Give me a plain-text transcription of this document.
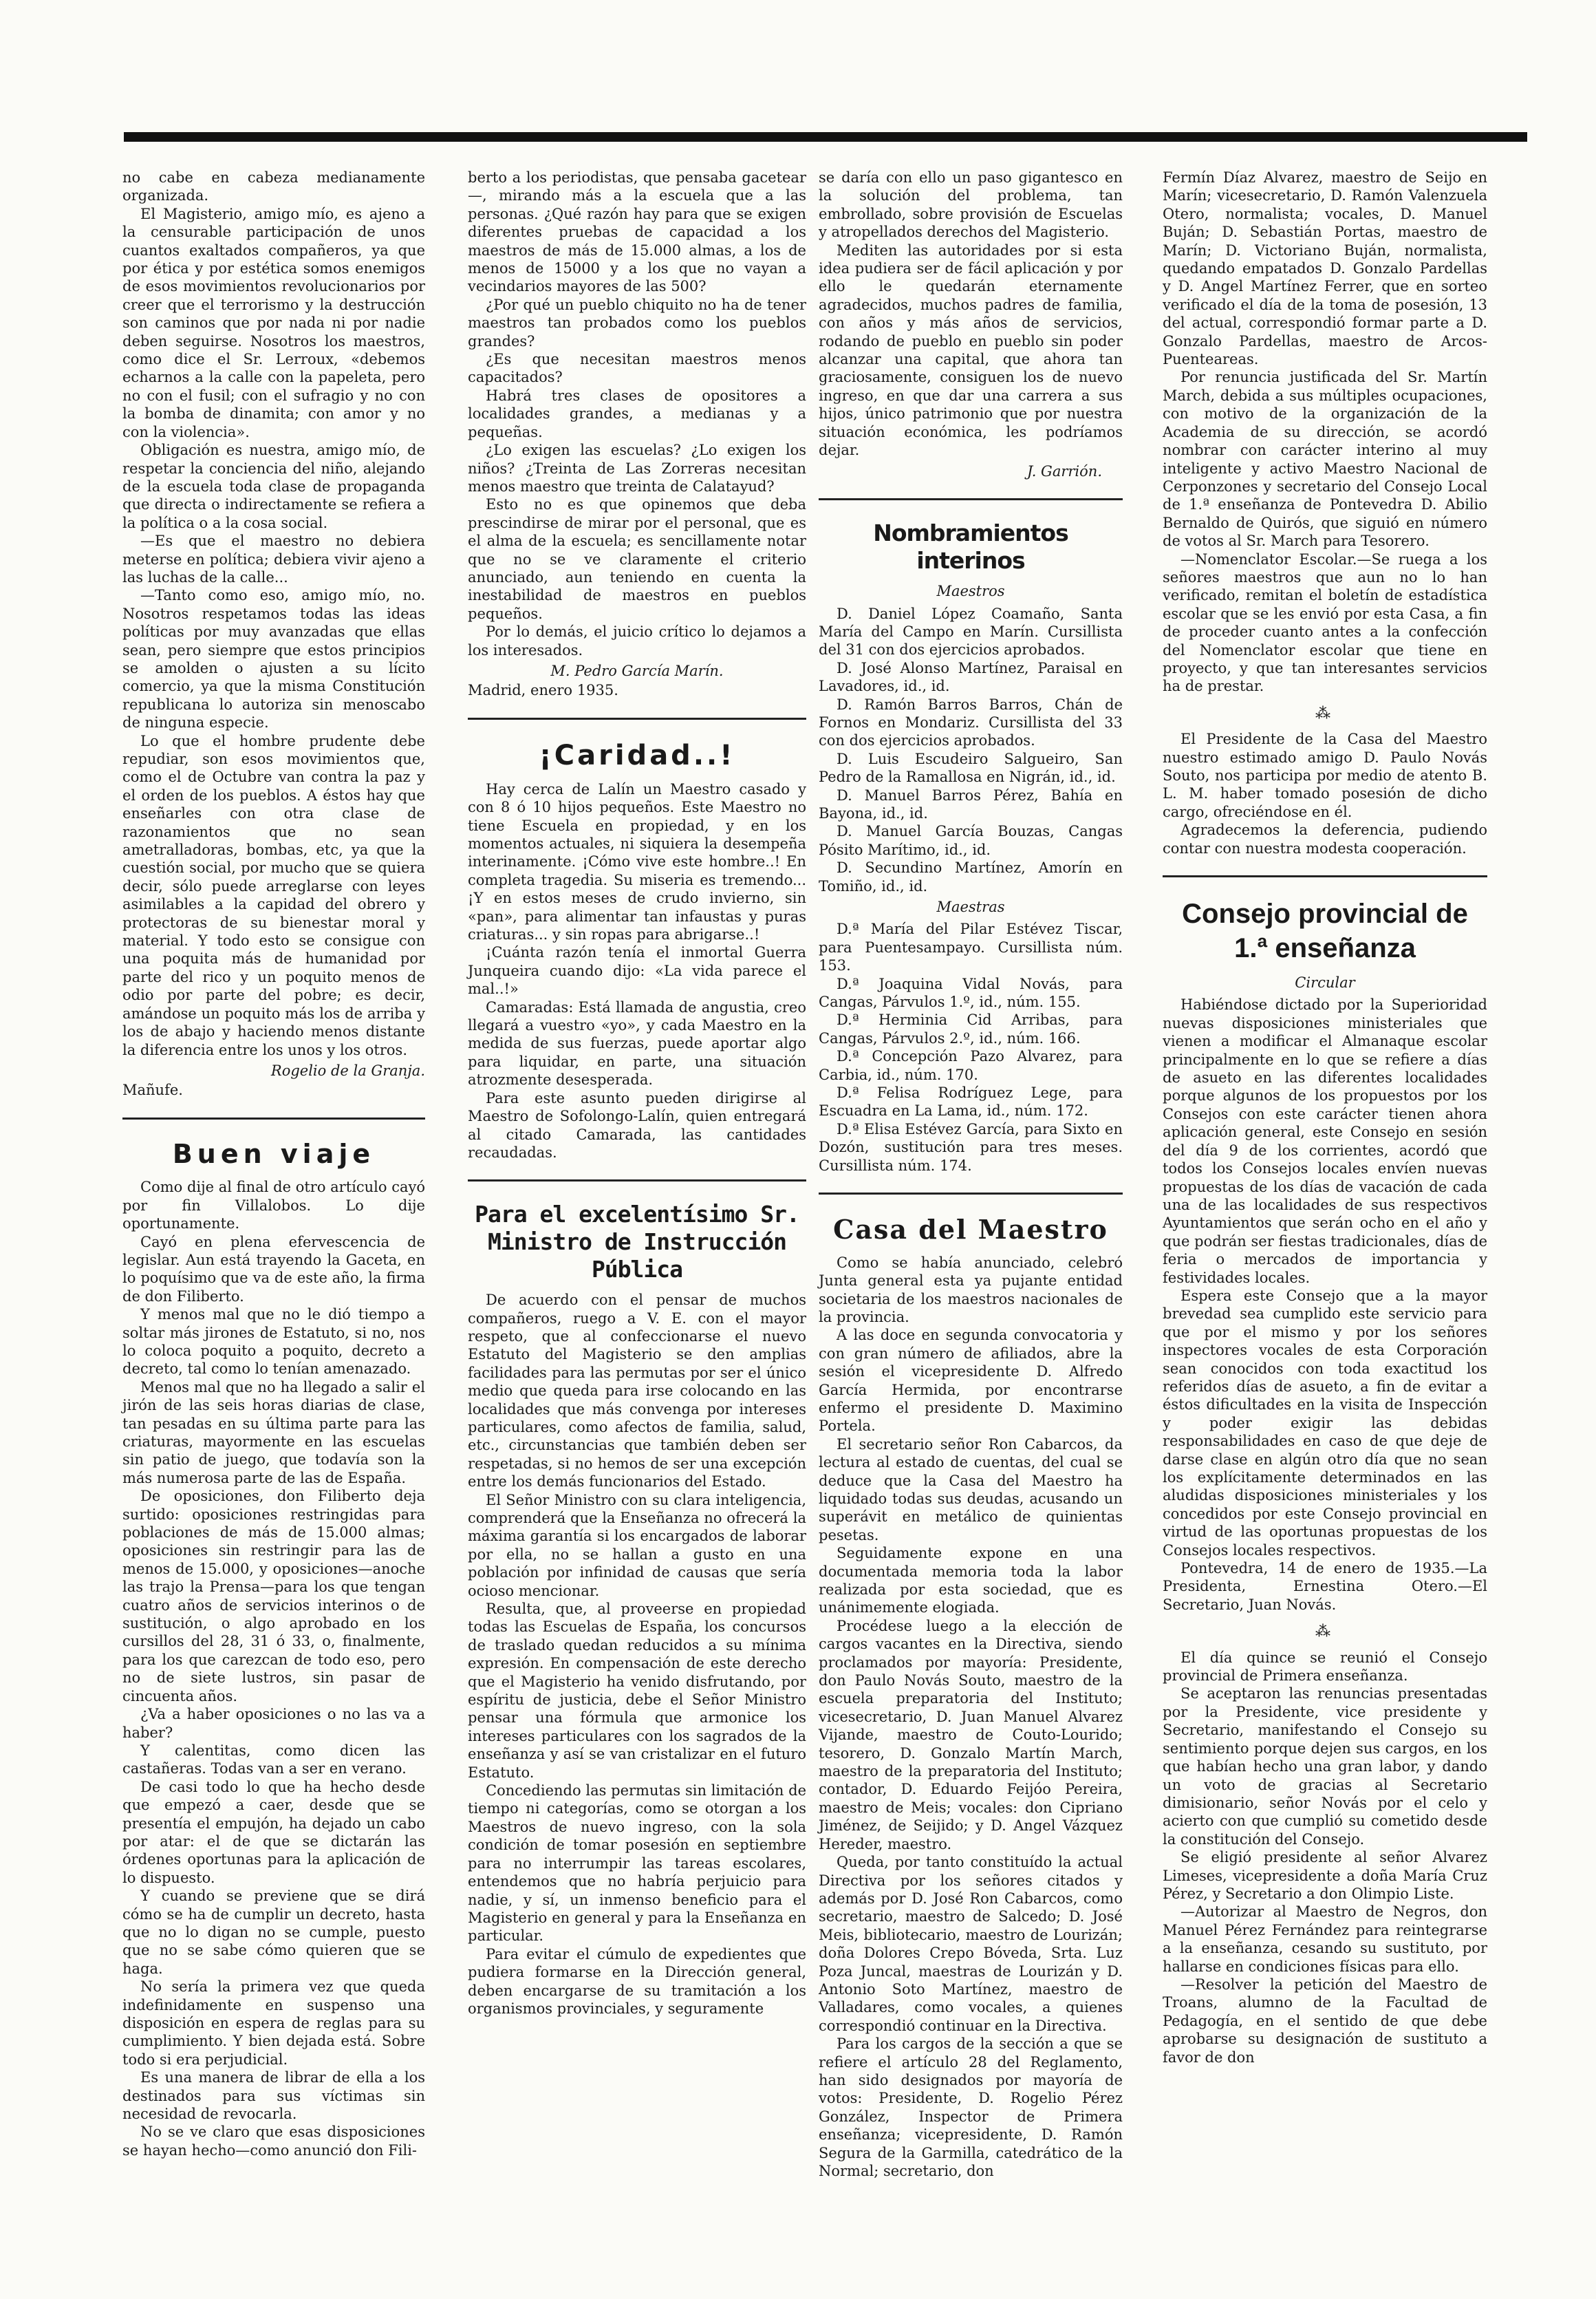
no cabe en cabeza medianamente organizada.

El Magisterio, amigo mío, es ajeno a la censurable participación de unos cuantos exaltados compañeros, ya que por ética y por estética somos enemigos de esos movimientos revolucionarios por creer que el terrorismo y la destrucción son caminos que por nada ni por nadie deben seguirse. Nosotros los maestros, como dice el Sr. Lerroux, «debemos echarnos a la calle con la papeleta, pero no con el fusil; con el sufragio y no con la bomba de dinamita; con amor y no con la violencia».

Obligación es nuestra, amigo mío, de respetar la conciencia del niño, alejando de la escuela toda clase de propaganda que directa o indirectamente se refiera a la política o a la cosa social.

—Es que el maestro no debiera meterse en política; debiera vivir ajeno a las luchas de la calle...

—Tanto como eso, amigo mío, no. Nosotros respetamos todas las ideas políticas por muy avanzadas que ellas sean, pero siempre que estos principios se amolden o ajusten a su lícito comercio, ya que la misma Constitución republicana lo autoriza sin menoscabo de ninguna especie.

Lo que el hombre prudente debe repudiar, son esos movimientos que, como el de Octubre van contra la paz y el orden de los pueblos. A éstos hay que enseñarles con otra clase de razonamientos que no sean ametralladoras, bombas, etc, ya que la cuestión social, por mucho que se quiera decir, sólo puede arreglarse con leyes asimilables a la capidad del obrero y protectoras de su bienestar moral y material. Y todo esto se consigue con una poquita más de humanidad por parte del rico y un poquito menos de odio por parte del pobre; es decir, amándose un poquito más los de arriba y los de abajo y haciendo menos distante la diferencia entre los unos y los otros.

Rogelio de la Granja.

Mañufe.

Buen viaje

Como dije al final de otro artículo cayó por fin Villalobos. Lo dije oportunamente.

Cayó en plena efervescencia de legislar. Aun está trayendo la Gaceta, en lo poquísimo que va de este año, la firma de don Filiberto.

Y menos mal que no le dió tiempo a soltar más jirones de Estatuto, si no, nos lo coloca poquito a poquito, decreto a decreto, tal como lo tenían amenazado.

Menos mal que no ha llegado a salir el jirón de las seis horas diarias de clase, tan pesadas en su última parte para las criaturas, mayormente en las escuelas sin patio de juego, que todavía son la más numerosa parte de las de España.

De oposiciones, don Filiberto deja surtido: oposiciones restringidas para poblaciones de más de 15.000 almas; oposiciones sin restringir para las de menos de 15.000, y oposiciones—anoche las trajo la Prensa—para los que tengan cuatro años de servicios interinos o de sustitución, o algo aprobado en los cursillos del 28, 31 ó 33, o, finalmente, para los que carezcan de todo eso, pero no de siete lustros, sin pasar de cincuenta años.

¿Va a haber oposiciones o no las va a haber?

Y calentitas, como dicen las castañeras. Todas van a ser en verano.

De casi todo lo que ha hecho desde que empezó a caer, desde que se presentía el empujón, ha dejado un cabo por atar: el de que se dictarán las órdenes oportunas para la aplicación de lo dispuesto.

Y cuando se previene que se dirá cómo se ha de cumplir un decreto, hasta que no lo digan no se cumple, puesto que no se sabe cómo quieren que se haga.

No sería la primera vez que queda indefinidamente en suspenso una disposición en espera de reglas para su cumplimiento. Y bien dejada está. Sobre todo si era perjudicial.

Es una manera de librar de ella a los destinados para sus víctimas sin necesidad de revocarla.

No se ve claro que esas disposiciones se hayan hecho—como anunció don Fili-

berto a los periodistas, que pensaba gacetear—, mirando más a la escuela que a las personas. ¿Qué razón hay para que se exigen diferentes pruebas de capacidad a los maestros de más de 15.000 almas, a los de menos de 15000 y a los que no vayan a vecindarios mayores de las 500?

¿Por qué un pueblo chiquito no ha de tener maestros tan probados como los pueblos grandes?

¿Es que necesitan maestros menos capacitados?

Habrá tres clases de opositores a localidades grandes, a medianas y a pequeñas.

¿Lo exigen las escuelas? ¿Lo exigen los niños? ¿Treinta de Las Zorreras necesitan menos maestro que treinta de Calatayud?

Esto no es que opinemos que deba prescindirse de mirar por el personal, que es el alma de la escuela; es sencillamente notar que no se ve claramente el criterio anunciado, aun teniendo en cuenta la inestabilidad de maestros en pueblos pequeños.

Por lo demás, el juicio crítico lo dejamos a los interesados.

M. Pedro García Marín.

Madrid, enero 1935.

¡Caridad..!

Hay cerca de Lalín un Maestro casado y con 8 ó 10 hijos pequeños. Este Maestro no tiene Escuela en propiedad, y en los momentos actuales, ni siquiera la desempeña interinamente. ¡Cómo vive este hombre..! En completa tragedia. Su miseria es tremendo... ¡Y en estos meses de crudo invierno, sin «pan», para alimentar tan infaustas y puras criaturas... y sin ropas para abrigarse..!

¡Cuánta razón tenía el inmortal Guerra Junqueira cuando dijo: «La vida parece el mal..!»

Camaradas: Está llamada de angustia, creo llegará a vuestro «yo», y cada Maestro en la medida de sus fuerzas, puede aportar algo para liquidar, en parte, una situación atrozmente desesperada.

Para este asunto pueden dirigirse al Maestro de Sofolongo-Lalín, quien entregará al citado Camarada, las cantidades recaudadas.

Para el excelentísimo Sr. Ministro de Instrucción Pública

De acuerdo con el pensar de muchos compañeros, ruego a V. E. con el mayor respeto, que al confeccionarse el nuevo Estatuto del Magisterio se den amplias facilidades para las permutas por ser el único medio que queda para irse colocando en las localidades que más convenga por intereses particulares, como afectos de familia, salud, etc., circunstancias que también deben ser respetadas, si no hemos de ser una excepción entre los demás funcionarios del Estado.

El Señor Ministro con su clara inteligencia, comprenderá que la Enseñanza no ofrecerá la máxima garantía si los encargados de laborar por ella, no se hallan a gusto en una población por infinidad de causas que sería ocioso mencionar.

Resulta, que, al proveerse en propiedad todas las Escuelas de España, los concursos de traslado quedan reducidos a su mínima expresión. En compensación de este derecho que el Magisterio ha venido disfrutando, por espíritu de justicia, debe el Señor Ministro pensar una fórmula que armonice los intereses particulares con los sagrados de la enseñanza y así se van cristalizar en el futuro Estatuto.

Concediendo las permutas sin limitación de tiempo ni categorías, como se otorgan a los Maestros de nuevo ingreso, con la sola condición de tomar posesión en septiembre para no interrumpir las tareas escolares, entendemos que no habría perjuicio para nadie, y sí, un inmenso beneficio para el Magisterio en general y para la Enseñanza en particular.

Para evitar el cúmulo de expedientes que pudiera formarse en la Dirección general, deben encargarse de su tramitación a los organismos provinciales, y seguramente

se daría con ello un paso gigantesco en la solución del problema, tan embrollado, sobre provisión de Escuelas y atropellados derechos del Magisterio.

Mediten las autoridades por si esta idea pudiera ser de fácil aplicación y por ello le quedarán eternamente agradecidos, muchos padres de familia, con años y más años de servicios, rodando de pueblo en pueblo sin poder alcanzar una capital, que ahora tan graciosamente, consiguen los de nuevo ingreso, en que dar una carrera a sus hijos, único patrimonio que por nuestra situación económica, les podríamos dejar.

J. Garrión.
Nombramientos interinos

Maestros

D. Daniel López Coamaño, Santa María del Campo en Marín. Cursillista del 31 con dos ejercicios aprobados.

D. José Alonso Martínez, Paraisal en Lavadores, id., id.

D. Ramón Barros Barros, Chán de Fornos en Mondariz. Cursillista del 33 con dos ejercicios aprobados.

D. Luis Escudeiro Salgueiro, San Pedro de la Ramallosa en Nigrán, id., id.

D. Manuel Barros Pérez, Bahía en Bayona, id., id.

D. Manuel García Bouzas, Cangas Pósito Marítimo, id., id.

D. Secundino Martínez, Amorín en Tomiño, id., id.

Maestras

D.ª María del Pilar Estévez Tiscar, para Puentesampayo. Cursillista núm. 153.

D.ª Joaquina Vidal Novás, para Cangas, Párvulos 1.º, id., núm. 155.

D.ª Herminia Cid Arribas, para Cangas, Párvulos 2.º, id., núm. 166.

D.ª Concepción Pazo Alvarez, para Carbia, id., núm. 170.

D.ª Felisa Rodríguez Lege, para Escuadra en La Lama, id., núm. 172.

D.ª Elisa Estévez García, para Sixto en Dozón, sustitución para tres meses. Cursillista núm. 174.

Casa del Maestro

Como se había anunciado, celebró Junta general esta ya pujante entidad societaria de los maestros nacionales de la provincia.

A las doce en segunda convocatoria y con gran número de afiliados, abre la sesión el vicepresidente D. Alfredo García Hermida, por encontrarse enfermo el presidente D. Maximino Portela.

El secretario señor Ron Cabarcos, da lectura al estado de cuentas, del cual se deduce que la Casa del Maestro ha liquidado todas sus deudas, acusando un superávit en metálico de quinientas pesetas.

Seguidamente expone en una documentada memoria toda la labor realizada por esta sociedad, que es unánimemente elogiada.

Procédese luego a la elección de cargos vacantes en la Directiva, siendo proclamados por mayoría: Presidente, don Paulo Novás Souto, maestro de la escuela preparatoria del Instituto; vicesecretario, D. Juan Manuel Alvarez Vijande, maestro de Couto-Lourido; tesorero, D. Gonzalo Martín March, maestro de la preparatoria del Instituto; contador, D. Eduardo Feijóo Pereira, maestro de Meis; vocales: don Cipriano Jiménez, de Seijido; y D. Angel Vázquez Hereder, maestro.

Queda, por tanto constituído la actual Directiva por los señores citados y además por D. José Ron Cabarcos, como secretario, maestro de Salcedo; D. José Meis, bibliotecario, maestro de Lourizán; doña Dolores Crepo Bóveda, Srta. Luz Poza Juncal, maestras de Lourizán y D. Antonio Soto Martínez, maestro de Valladares, como vocales, a quienes correspondió continuar en la Directiva.

Para los cargos de la sección a que se refiere el artículo 28 del Reglamento, han sido designados por mayoría de votos: Presidente, D. Rogelio Pérez González, Inspector de Primera enseñanza; vicepresidente, D. Ramón Segura de la Garmilla, catedrático de la Normal; secretario, don

Fermín Díaz Alvarez, maestro de Seijo en Marín; vicesecretario, D. Ramón Valenzuela Otero, normalista; vocales, D. Manuel Buján; D. Sebastián Portas, maestro de Marín; D. Victoriano Buján, normalista, quedando empatados D. Gonzalo Pardellas y D. Angel Martínez Ferrer, que en sorteo verificado el día de la toma de posesión, 13 del actual, correspondió formar parte a D. Gonzalo Pardellas, maestro de Arcos-Puenteareas.

Por renuncia justificada del Sr. Martín March, debida a sus múltiples ocupaciones, con motivo de la organización de la Academia de su dirección, se acordó nombrar con carácter interino al muy inteligente y activo Maestro Nacional de Cerponzones y secretario del Consejo Local de 1.ª enseñanza de Pontevedra D. Abilio Bernaldo de Quirós, que siguió en número de votos al Sr. March para Tesorero.

—Nomenclator Escolar.—Se ruega a los señores maestros que aun no lo han verificado, remitan el boletín de estadística escolar que se les envió por esta Casa, a fin de proceder cuanto antes a la confección del Nomenclator escolar que tiene en proyecto, y que tan interesantes servicios ha de prestar.

⁂

El Presidente de la Casa del Maestro nuestro estimado amigo D. Paulo Novás Souto, nos participa por medio de atento B. L. M. haber tomado posesión de dicho cargo, ofreciéndose en él.

Agradecemos la deferencia, pudiendo contar con nuestra modesta cooperación.

Consejo provincial de
1.ª enseñanza

Circular

Habiéndose dictado por la Superioridad nuevas disposiciones ministeriales que vienen a modificar el Almanaque escolar principalmente en lo que se refiere a días de asueto en las diferentes localidades porque algunos de los propuestos por los Consejos con este carácter tienen ahora aplicación general, este Consejo en sesión del día 9 de los corrientes, acordó que todos los Consejos locales envíen nuevas propuestas de los días de vacación de cada una de las localidades de sus respectivos Ayuntamientos que serán ocho en el año y que podrán ser fiestas tradicionales, días de feria o mercados de importancia y festividades locales.

Espera este Consejo que a la mayor brevedad sea cumplido este servicio para que por el mismo y por los señores inspectores vocales de esta Corporación sean conocidos con toda exactitud los referidos días de asueto, a fin de evitar a éstos dificultades en la visita de Inspección y poder exigir las debidas responsabilidades en caso de que deje de darse clase en algún otro día que no sean los explícitamente determinados en las aludidas disposiciones ministeriales y los concedidos por este Consejo provincial en virtud de las oportunas propuestas de los Consejos locales respectivos.

Pontevedra, 14 de enero de 1935.—La Presidenta, Ernestina Otero.—El Secretario, Juan Novás.

⁂

El día quince se reunió el Consejo provincial de Primera enseñanza.

Se aceptaron las renuncias presentadas por la Presidente, vice presidente y Secretario, manifestando el Consejo su sentimiento porque dejen sus cargos, en los que habían hecho una gran labor, y dando un voto de gracias al Secretario dimisionario, señor Novás por el celo y acierto con que cumplió su cometido desde la constitución del Consejo.

Se eligió presidente al señor Alvarez Limeses, vicepresidente a doña María Cruz Pérez, y Secretario a don Olimpio Liste.

—Autorizar al Maestro de Negros, don Manuel Pérez Fernández para reintegrarse a la enseñanza, cesando su sustituto, por hallarse en condiciones físicas para ello.

—Resolver la petición del Maestro de Troans, alumno de la Facultad de Pedagogía, en el sentido de que debe aprobarse su designación de sustituto a favor de don
